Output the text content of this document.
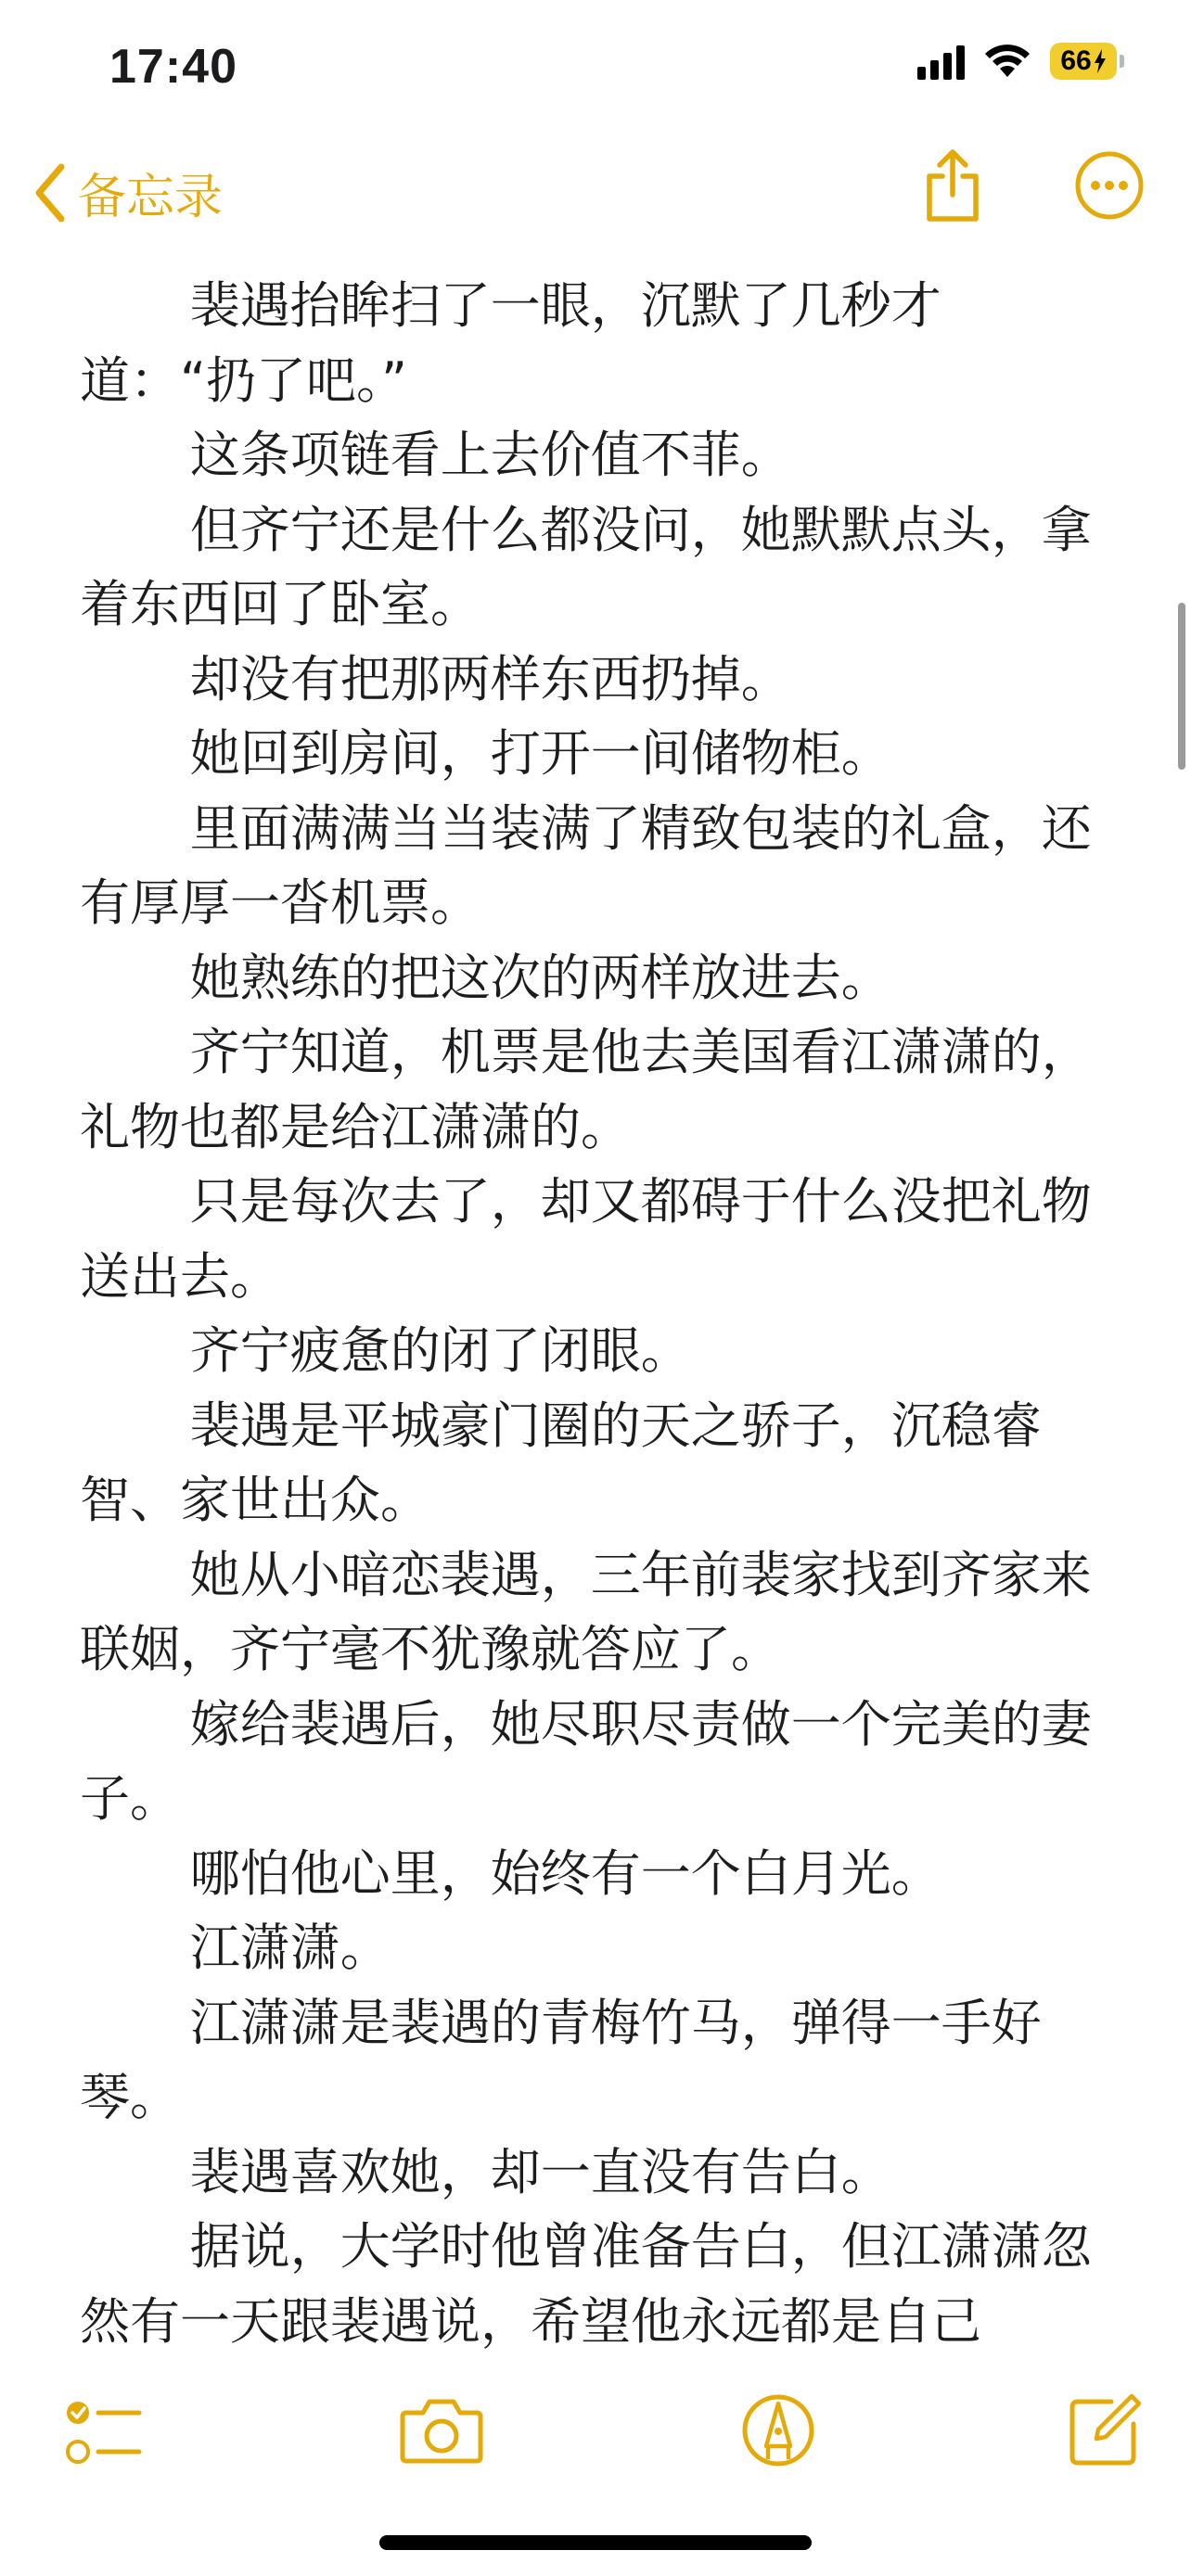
17:40	66
备忘录

裴遇抬眸扫了一眼，沉默了几秒才道：“扔了吧。”

这条项链看上去价值不菲。

但齐宁还是什么都没问，她默默点头，拿着东西回了卧室。

却没有把那两样东西扔掉。

她回到房间，打开一间储物柜。

里面满满当当装满了精致包装的礼盒，还有厚厚一沓机票。

她熟练的把这次的两样放进去。

齐宁知道，机票是他去美国看江潇潇的，礼物也都是给江潇潇的。

只是每次去了，却又都碍于什么没把礼物送出去。

齐宁疲惫的闭了闭眼。

裴遇是平城豪门圈的天之骄子，沉稳睿智、家世出众。

她从小暗恋裴遇，三年前裴家找到齐家来联姻，齐宁毫不犹豫就答应了。

嫁给裴遇后，她尽职尽责做一个完美的妻子。

哪怕他心里，始终有一个白月光。

江潇潇。

江潇潇是裴遇的青梅竹马，弹得一手好琴。

裴遇喜欢她，却一直没有告白。

据说，大学时他曾准备告白，但江潇潇忽然有一天跟裴遇说，希望他永远都是自己
